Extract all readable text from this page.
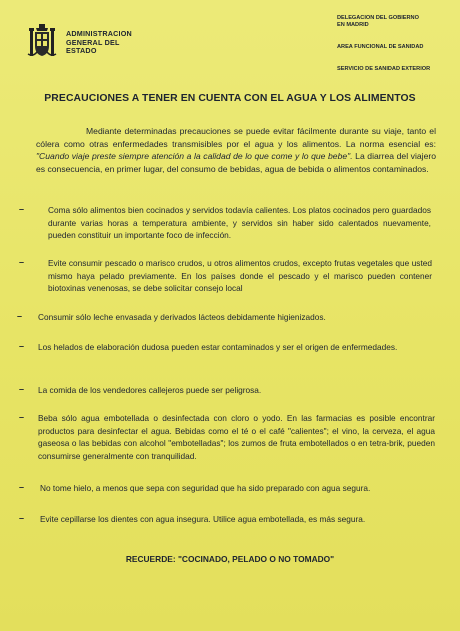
ADMINISTRACION
GENERAL DEL
ESTADO
DELEGACION DEL GOBIERNO
EN MADRID
AREA FUNCIONAL DE SANIDAD
SERVICIO DE SANIDAD EXTERIOR
PRECAUCIONES A TENER EN CUENTA CON EL AGUA Y LOS ALIMENTOS
Mediante determinadas precauciones se puede evitar fácilmente durante su viaje, tanto el cólera como otras enfermedades transmisibles por el agua y los alimentos. La norma esencial es: "Cuando viaje preste siempre atención a la calidad de lo que come y lo que bebe". La diarrea del viajero es consecuencia, en primer lugar, del consumo de bebidas, agua de bebida o alimentos contaminados.
–	Coma sólo alimentos bien cocinados y servidos todavía calientes. Los platos cocinados pero guardados durante varias horas a temperatura ambiente, y servidos sin haber sido calentados nuevamente, pueden constituir un importante foco de infección.
–	Evite consumir pescado o marisco crudos, u otros alimentos crudos, excepto frutas vegetales que usted mismo haya pelado previamente. En los países donde el pescado y el marisco pueden contener biotoxinas venenosas, se debe solicitar consejo local
– Consumir sólo leche envasada y derivados lácteos debidamente higienizados.
– Los helados de elaboración dudosa pueden estar contaminados y ser el origen de enfermedades.
– La comida de los vendedores callejeros puede ser peligrosa.
– Beba sólo agua embotellada o desinfectada con cloro o yodo. En las farmacias es posible encontrar productos para desinfectar el agua. Bebidas como el té o el café "calientes"; el vino, la cerveza, el agua gaseosa o las bebidas con alcohol "embotelladas"; los zumos de fruta embotellados o en tetra-brik, pueden consumirse generalmente con tranquilidad.
– No tome hielo, a menos que sepa con seguridad que ha sido preparado con agua segura.
– Evite cepillarse los dientes con agua insegura. Utilice agua embotellada, es más segura.
RECUERDE: "COCINADO, PELADO O NO TOMADO"
